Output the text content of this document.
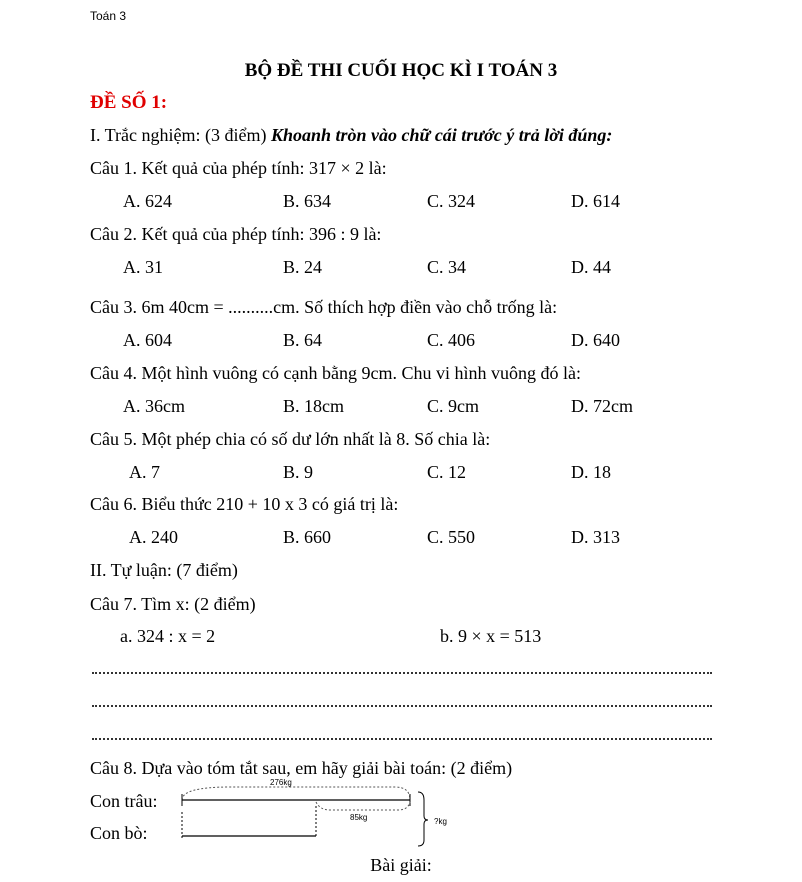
Toán 3
BỘ ĐỀ THI CUỐI HỌC KÌ I TOÁN 3
ĐỀ SỐ 1:
I. Trắc nghiệm: (3 điểm) Khoanh tròn vào chữ cái trước ý trả lời đúng:
Câu 1. Kết quả của phép tính: 317 × 2 là:
A. 624	B. 634	C. 324	D. 614
Câu 2. Kết quả của phép tính: 396 : 9 là:
A. 31	B. 24	C. 34	D. 44
Câu 3. 6m 40cm = ..........cm. Số thích hợp điền vào chỗ trống là:
A. 604	B. 64	C. 406	D. 640
Câu 4. Một hình vuông có cạnh bằng 9cm. Chu vi hình vuông đó là:
A. 36cm	B. 18cm	C. 9cm	D. 72cm
Câu 5. Một phép chia có số dư lớn nhất là 8. Số chia là:
A. 7	B. 9	C. 12	D. 18
Câu 6. Biểu thức 210 + 10 x 3 có giá trị là:
A. 240	B. 660	C. 550	D. 313
II. Tự luận: (7 điểm)
Câu 7. Tìm x: (2 điểm)
a. 324 : x = 2	b. 9 × x = 513
Câu 8. Dựa vào tóm tắt sau, em hãy giải bài toán: (2 điểm)
Con trâu:
Con bò:
276kg
85kg	?kg
Bài giải:
